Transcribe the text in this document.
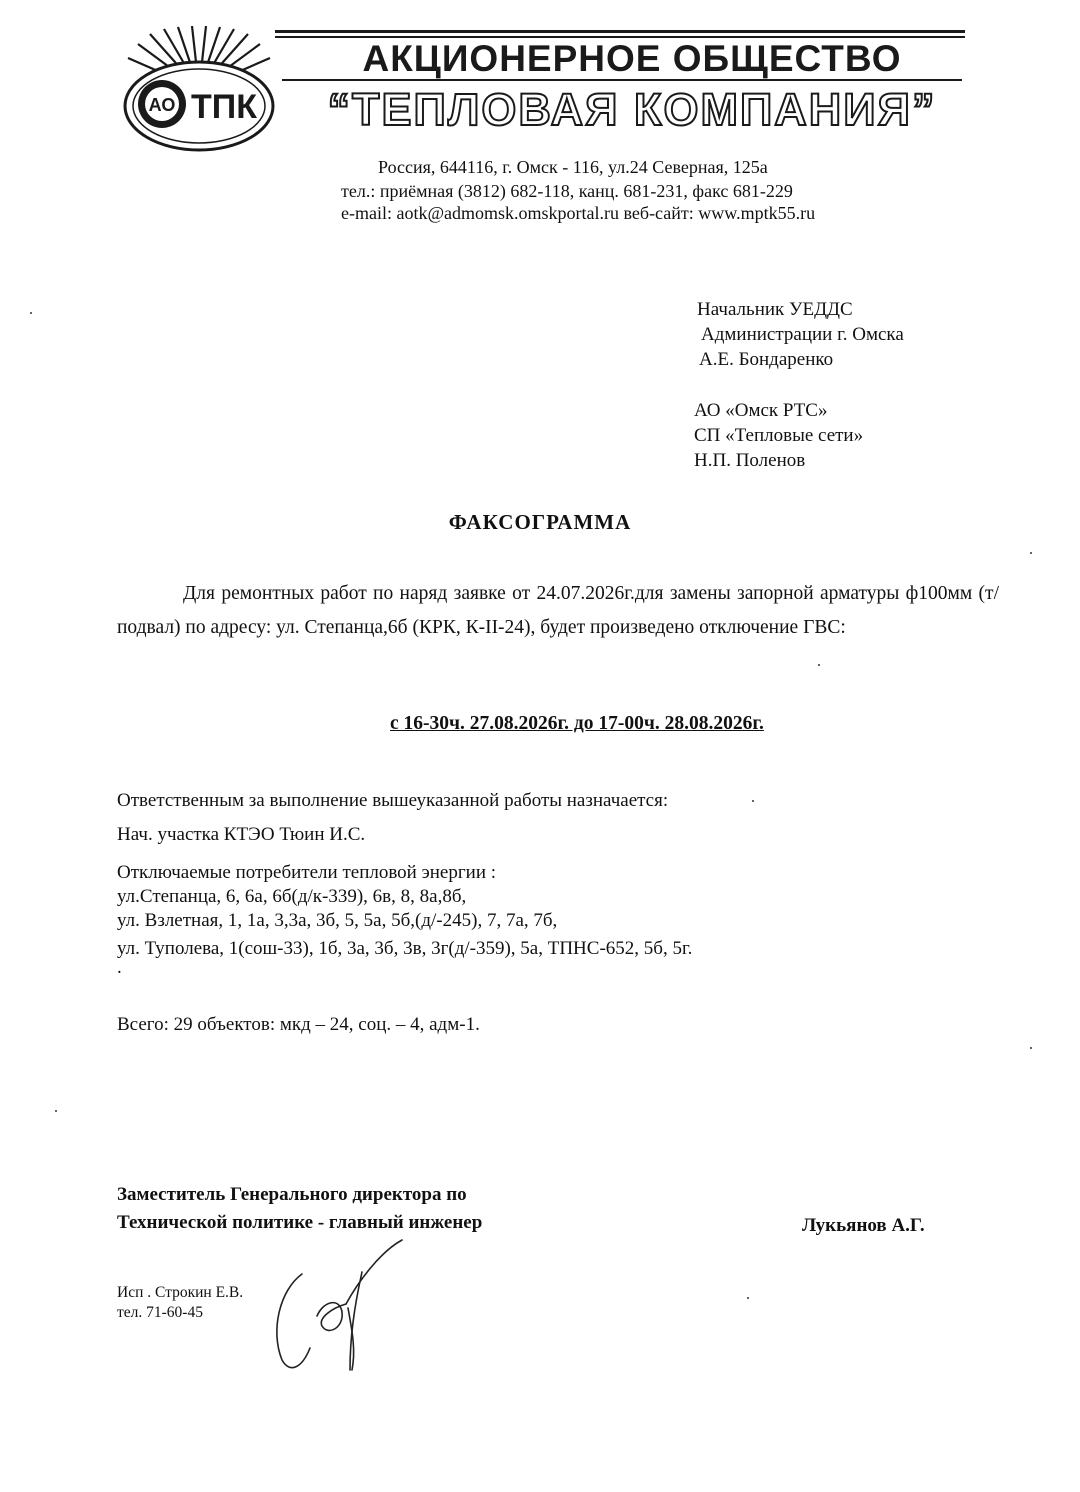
АО ТПК
АКЦИОНЕРНОЕ ОБЩЕСТВО
“ТЕПЛОВАЯ КОМПАНИЯ”
Россия, 644116, г. Омск - 116, ул.24 Северная, 125а
тел.: приёмная (3812) 682-118, канц. 681-231, факс 681-229
e-mail: aotk@admomsk.omskportal.ru веб-сайт: www.mptk55.ru
Начальник УЕДДС
Администрации г. Омска
А.Е. Бондаренко
АО «Омск РТС»
СП «Тепловые сети»
Н.П. Поленов
ФАКСОГРАММА
Для ремонтных работ по наряд заявке от 24.07.2026г.для замены запорной арматуры ф100мм (т/подвал) по адресу: ул. Степанца,6б (КРК, К-II-24), будет произведено отключение ГВС:
с 16-30ч. 27.08.2026г. до 17-00ч. 28.08.2026г.
Ответственным за выполнение вышеуказанной работы назначается:
Нач. участка КТЭО Тюин И.С.
Отключаемые потребители тепловой энергии :
ул.Степанца, 6, 6а, 6б(д/к-339), 6в, 8, 8а,8б,
ул. Взлетная, 1, 1а, 3,3а, 3б, 5, 5а, 5б,(д/-245), 7, 7а, 7б,
ул. Туполева, 1(сош-33), 1б, 3а, 3б, 3в, 3г(д/-359), 5а, ТПНС-652, 5б, 5г.
.
Всего: 29 объектов: мкд – 24, соц. – 4, адм-1.
Заместитель Генерального директора по
Технической политике - главный инженер	Лукьянов А.Г.
Исп . Строкин Е.В.
тел. 71-60-45
